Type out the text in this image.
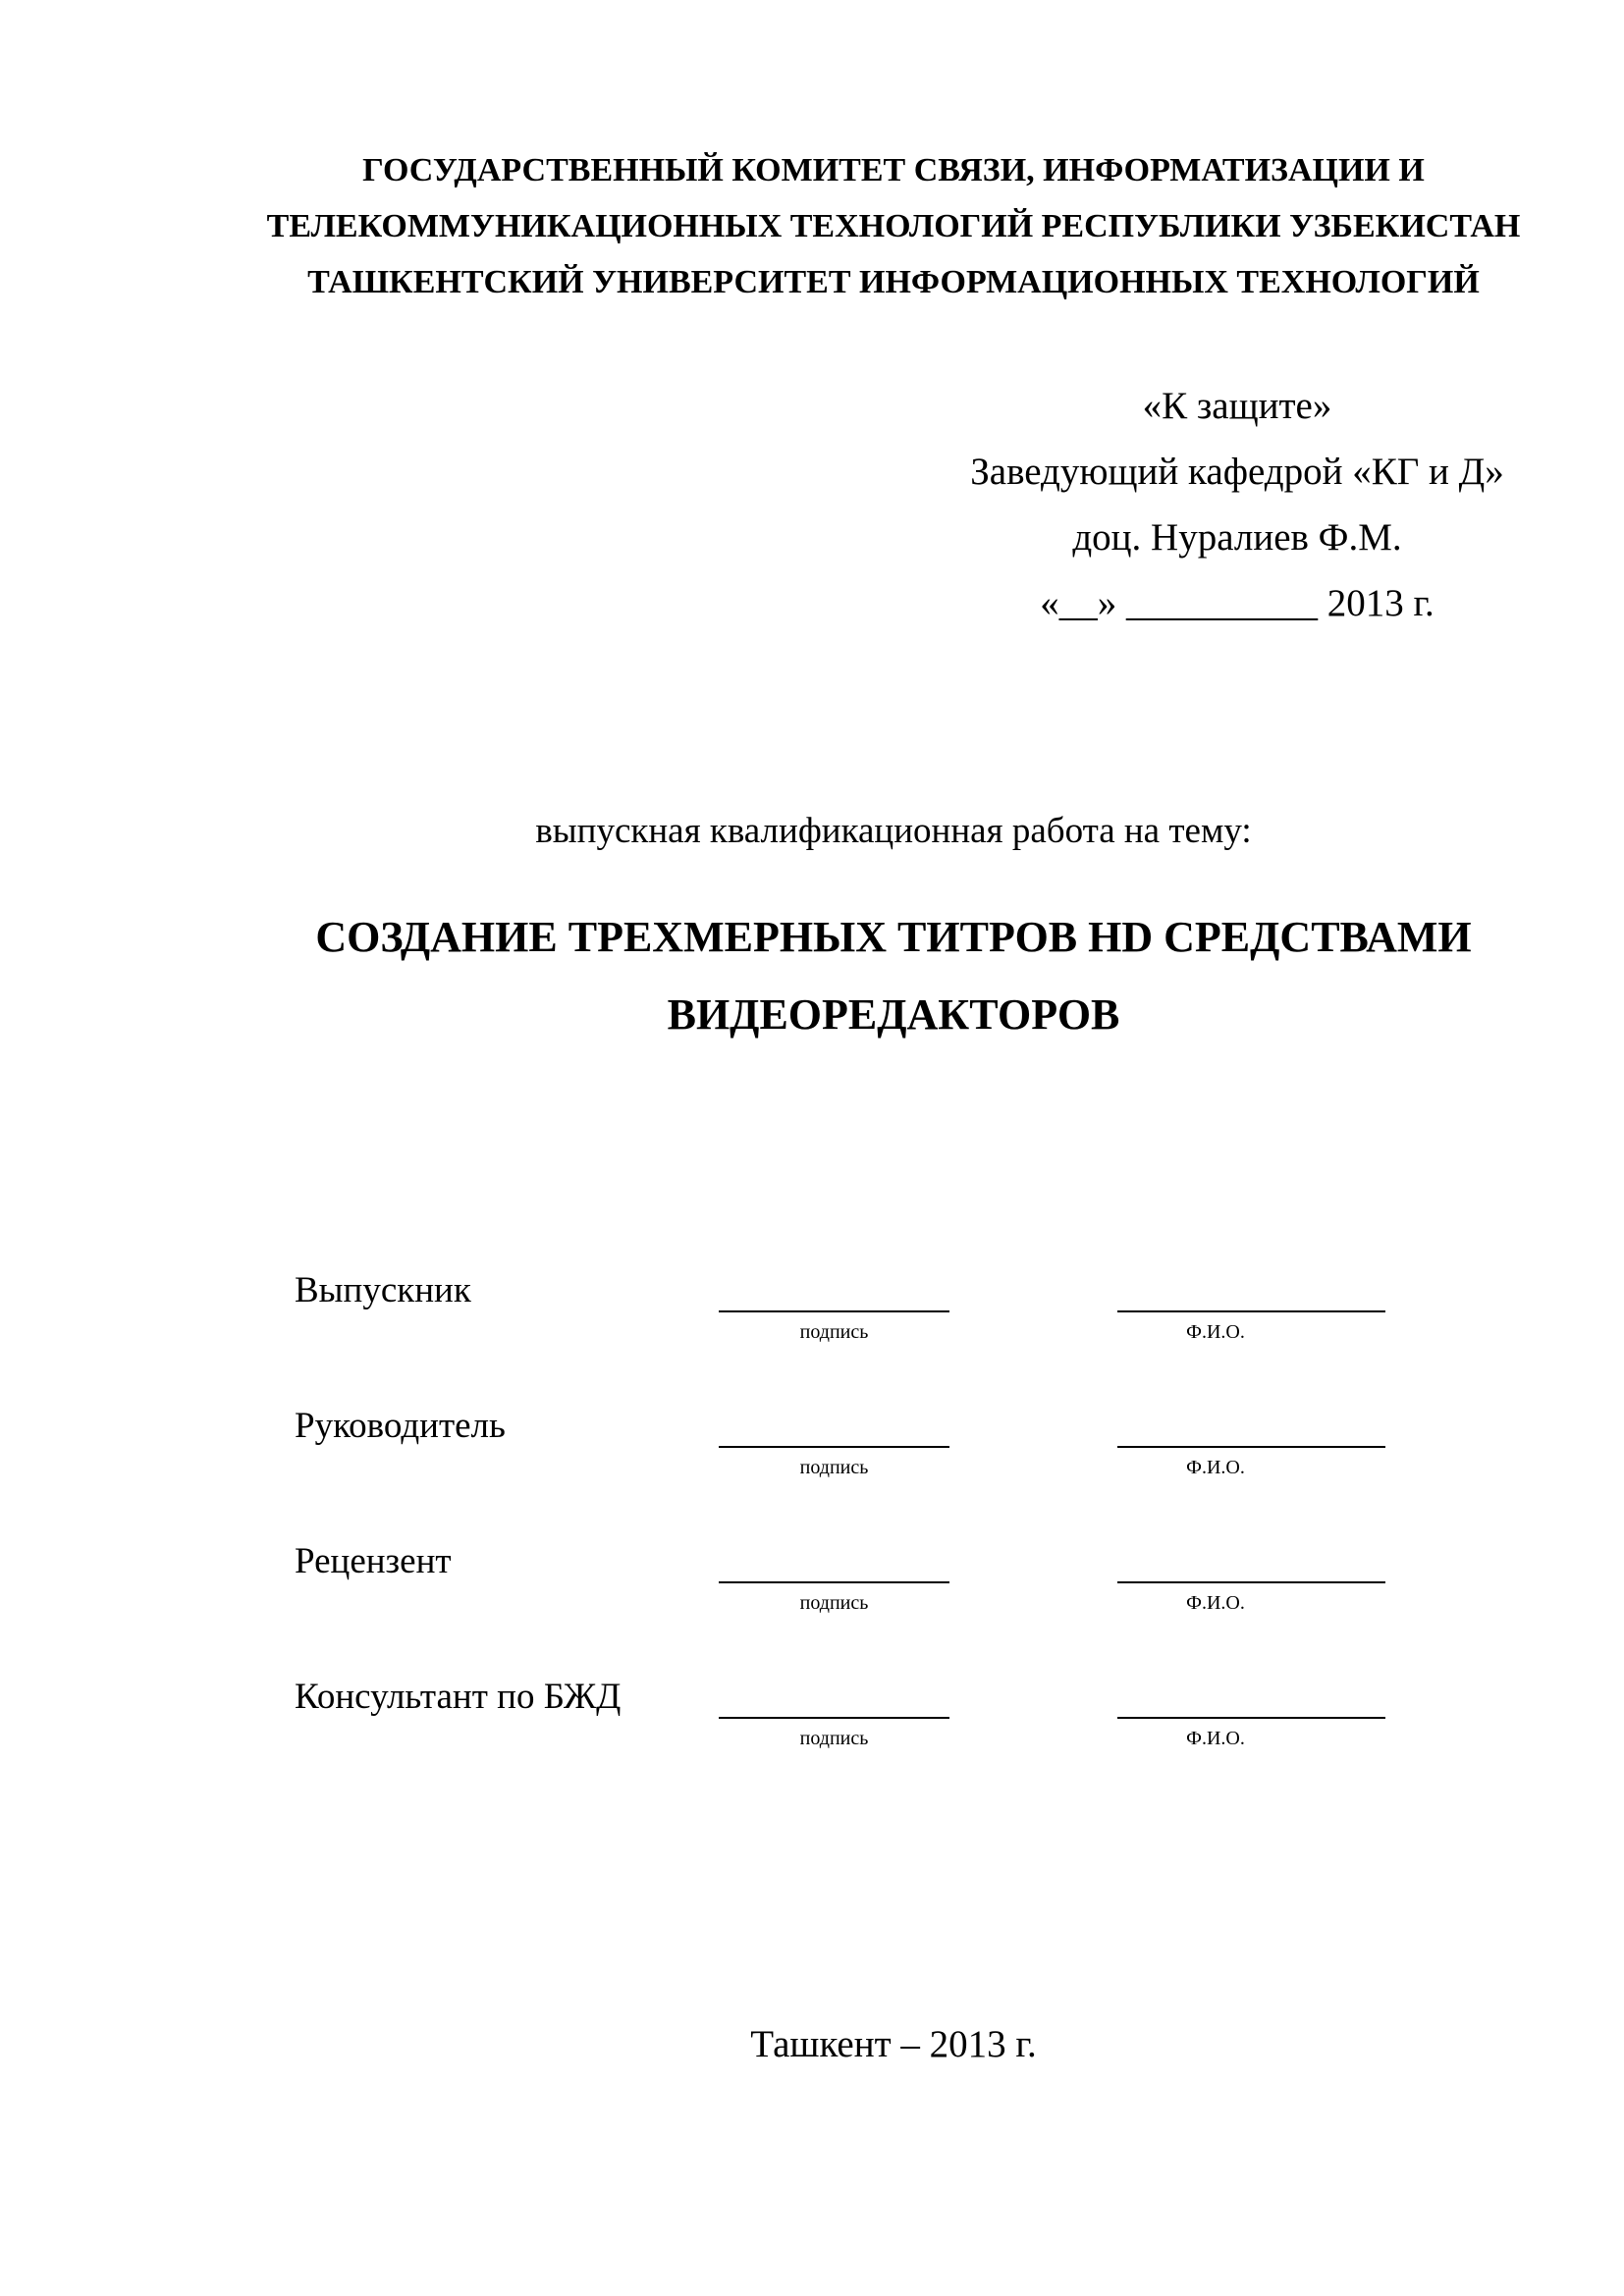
ГОСУДАРСТВЕННЫЙ КОМИТЕТ СВЯЗИ, ИНФОРМАТИЗАЦИИ И
ТЕЛЕКОММУНИКАЦИОННЫХ ТЕХНОЛОГИЙ РЕСПУБЛИКИ УЗБЕКИСТАН
ТАШКЕНТСКИЙ УНИВЕРСИТЕТ ИНФОРМАЦИОННЫХ ТЕХНОЛОГИЙ
«К защите»
Заведующий кафедрой «КГ и Д»
доц. Нуралиев Ф.М.
«__» __________ 2013 г.
выпускная квалификационная работа на тему:
СОЗДАНИЕ ТРЕХМЕРНЫХ ТИТРОВ HD СРЕДСТВАМИ
ВИДЕОРЕДАКТОРОВ
Выпускник
подпись	Ф.И.О.
Руководитель
подпись	Ф.И.О.
Рецензент
подпись	Ф.И.О.
Консультант по БЖД
подпись	Ф.И.О.
Ташкент – 2013 г.
